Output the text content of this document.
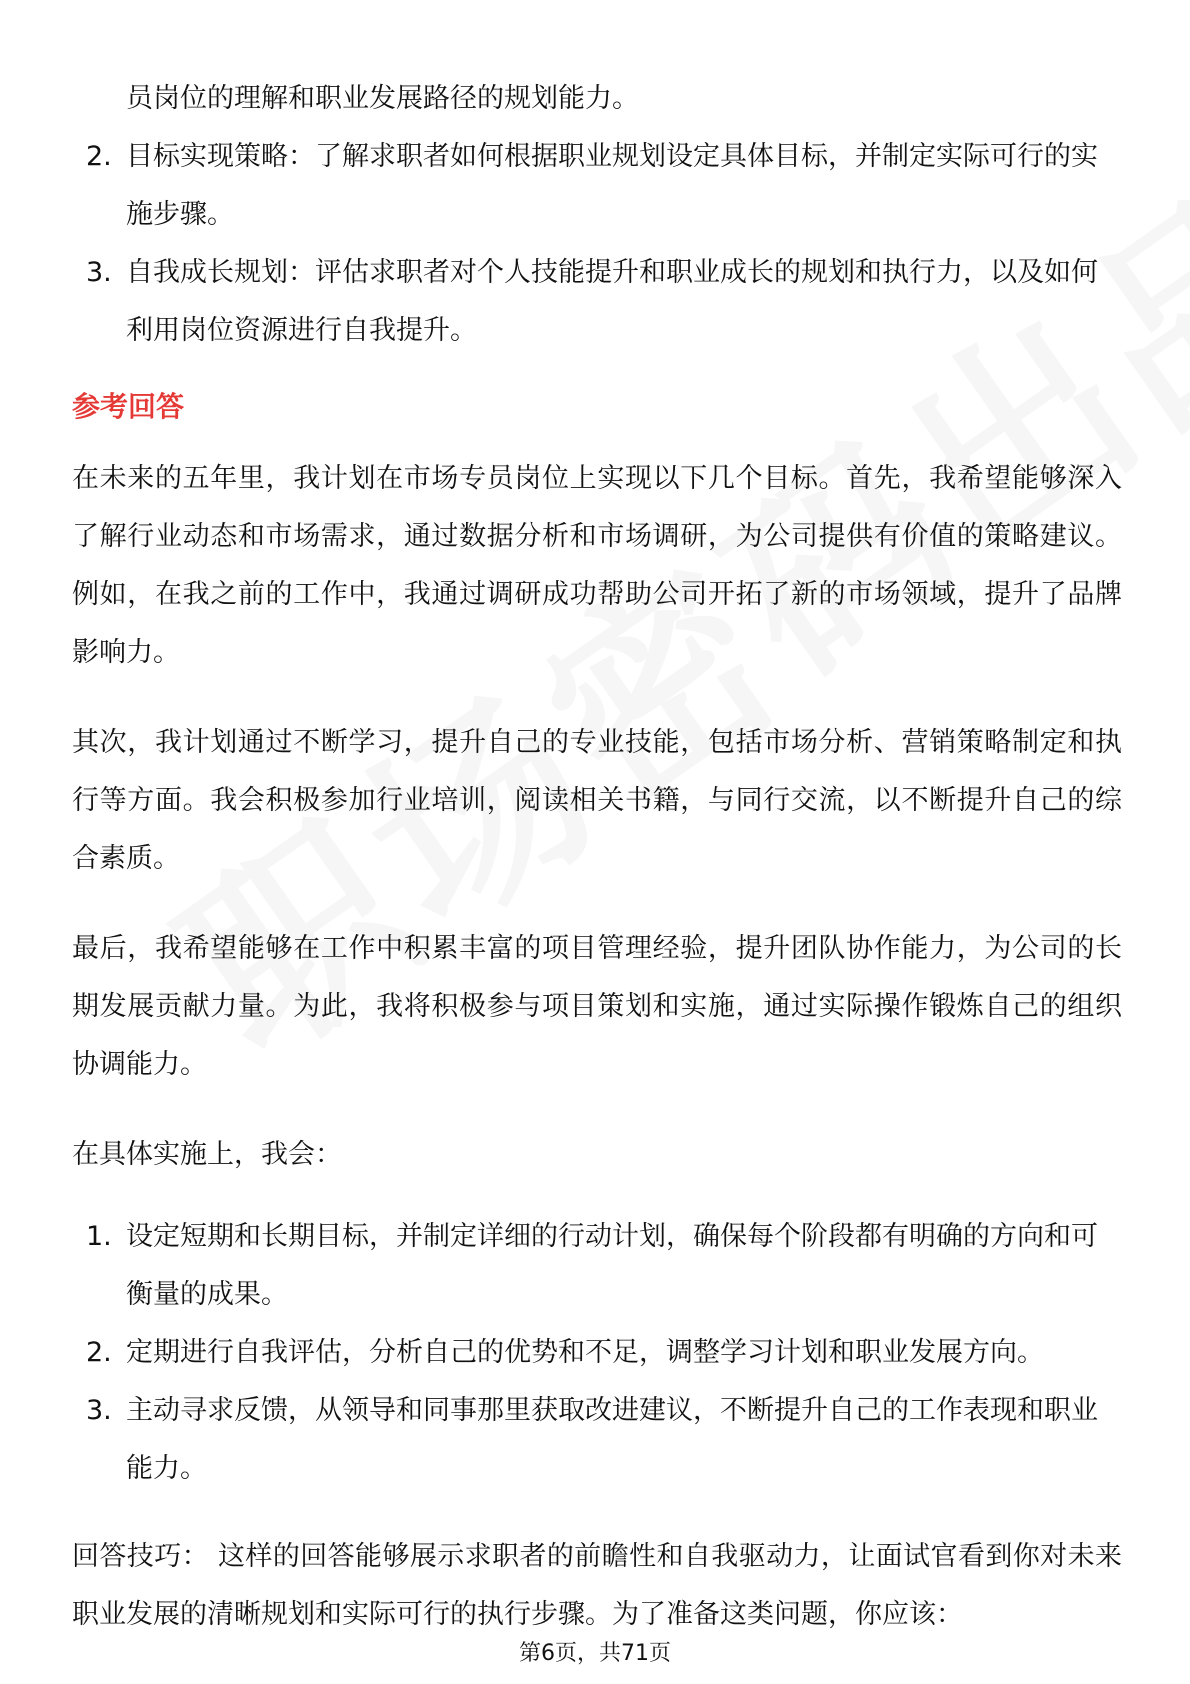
员岗位的理解和职业发展路径的规划能力。
2. 目标实现策略：了解求职者如何根据职业规划设定具体目标，并制定实际可行的实施步骤。
3. 自我成长规划：评估求职者对个人技能提升和职业成长的规划和执行力，以及如何利用岗位资源进行自我提升。
参考回答

在未来的五年里，我计划在市场专员岗位上实现以下几个目标。首先，我希望能够深入了解行业动态和市场需求，通过数据分析和市场调研，为公司提供有价值的策略建议。例如，在我之前的工作中，我通过调研成功帮助公司开拓了新的市场领域，提升了品牌影响力。

其次，我计划通过不断学习，提升自己的专业技能，包括市场分析、营销策略制定和执行等方面。我会积极参加行业培训，阅读相关书籍，与同行交流，以不断提升自己的综合素质。

最后，我希望能够在工作中积累丰富的项目管理经验，提升团队协作能力，为公司的长期发展贡献力量。为此，我将积极参与项目策划和实施，通过实际操作锻炼自己的组织协调能力。

在具体实施上，我会：

1. 设定短期和长期目标，并制定详细的行动计划，确保每个阶段都有明确的方向和可衡量的成果。
2. 定期进行自我评估，分析自己的优势和不足，调整学习计划和职业发展方向。
3. 主动寻求反馈，从领导和同事那里获取改进建议，不断提升自己的工作表现和职业能力。

回答技巧： 这样的回答能够展示求职者的前瞻性和自我驱动力，让面试官看到你对未来职业发展的清晰规划和实际可行的执行步骤。为了准备这类问题，你应该：

第6页，共71页
